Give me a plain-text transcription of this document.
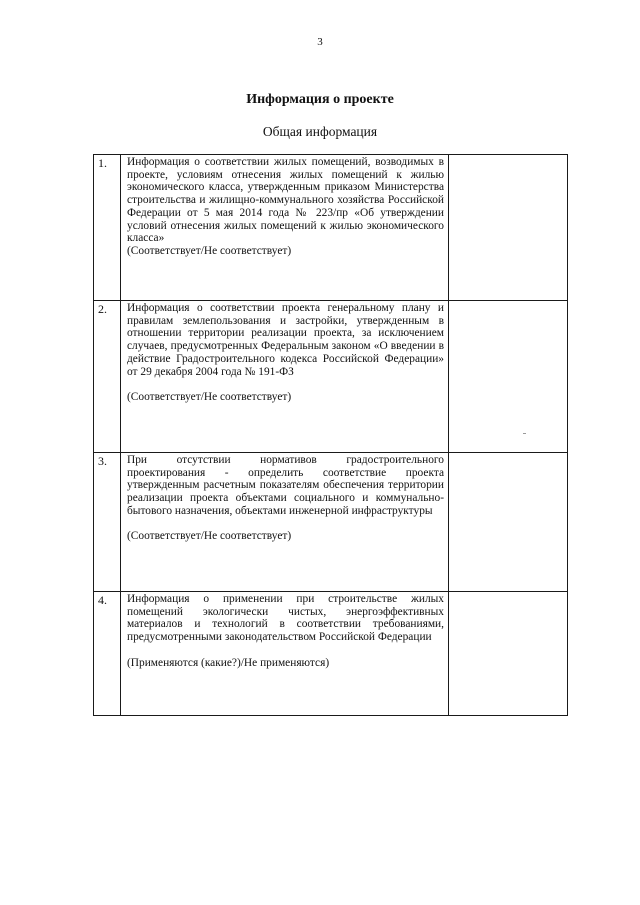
3
Информация о проекте
Общая информация
1.	Информация о соответствии жилых помещений, возводимых в проекте, условиям отнесения жилых помещений к жилью экономического класса, утвержденным приказом Министерства строительства и жилищно-коммунального хозяйства Российской Федерации от 5 мая 2014 года № 223/пр «Об утверждении условий отнесения жилых помещений к жилью экономического класса»
(Соответствует/Не соответствует)	

2.	Информация о соответствии проекта генеральному плану и правилам землепользования и застройки, утвержденным в отношении территории реализации проекта, за исключением случаев, предусмотренных Федеральным законом «О введении в действие Градостроительного кодекса Российской Федерации» от 29 декабря 2004 года № 191-ФЗ
(Соответствует/Не соответствует)	

3.	При отсутствии нормативов градостроительного проектирования - определить соответствие проекта утвержденным расчетным показателям обеспечения территории реализации проекта объектами социального и коммунально-бытового назначения, объектами инженерной инфраструктуры
(Соответствует/Не соответствует)	

4.	Информация о применении при строительстве жилых помещений экологически чистых, энергоэффективных материалов и технологий в соответствии требованиями, предусмотренными законодательством Российской Федерации
(Применяются (какие?)/Не применяются)	
